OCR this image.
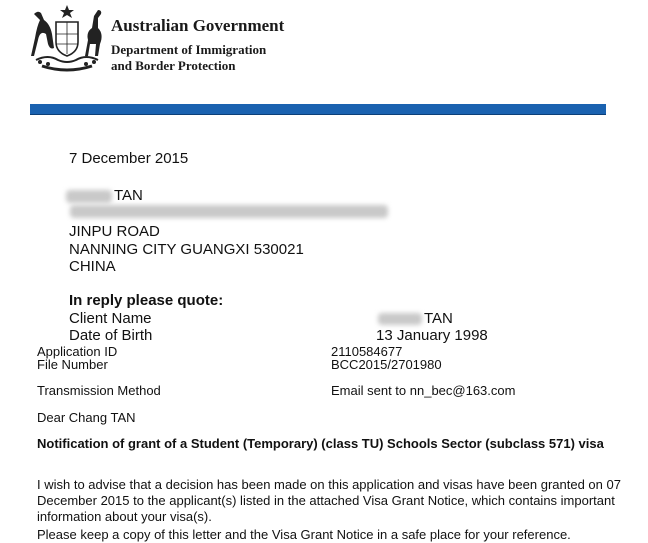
Australian Government
Department of Immigration
and Border Protection
7 December 2015
TAN
JINPU ROAD
NANNING CITY GUANGXI 530021
CHINA
In reply please quote:
Client Name	TAN
Date of Birth	13 January 1998
Application ID	2110584677
File Number	BCC2015/2701980
Transmission Method	Email sent to nn_bec@163.com
Dear Chang TAN
Notification of grant of a Student (Temporary) (class TU) Schools Sector (subclass 571) visa
I wish to advise that a decision has been made on this application and visas have been granted on 07 December 2015 to the applicant(s) listed in the attached Visa Grant Notice, which contains important information about your visa(s).
Please keep a copy of this letter and the Visa Grant Notice in a safe place for your reference.
